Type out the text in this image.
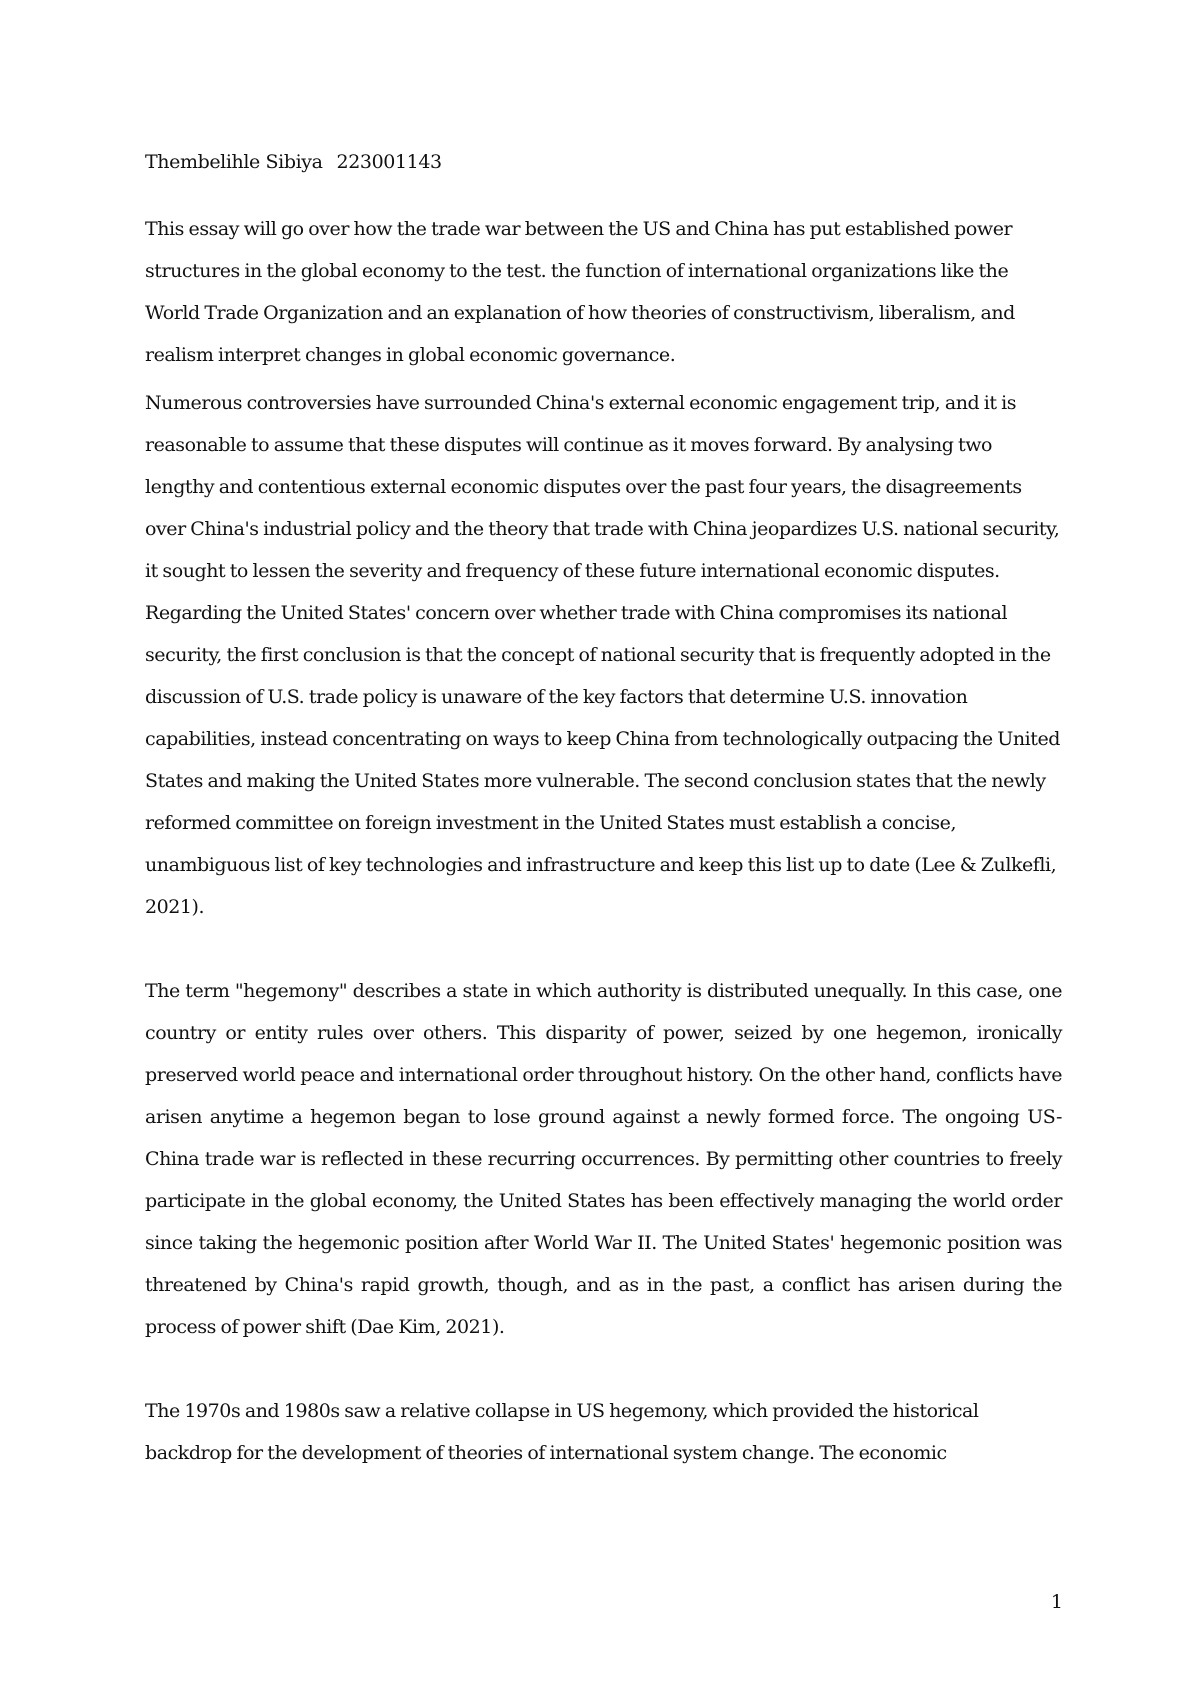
Thembelihle Sibiya 223001143

This essay will go over how the trade war between the US and China has put established power structures in the global economy to the test. the function of international organizations like the World Trade Organization and an explanation of how theories of constructivism, liberalism, and realism interpret changes in global economic governance.

Numerous controversies have surrounded China's external economic engagement trip, and it is reasonable to assume that these disputes will continue as it moves forward. By analysing two lengthy and contentious external economic disputes over the past four years, the disagreements over China's industrial policy and the theory that trade with China jeopardizes U.S. national security, it sought to lessen the severity and frequency of these future international economic disputes. Regarding the United States' concern over whether trade with China compromises its national security, the first conclusion is that the concept of national security that is frequently adopted in the discussion of U.S. trade policy is unaware of the key factors that determine U.S. innovation capabilities, instead concentrating on ways to keep China from technologically outpacing the United States and making the United States more vulnerable. The second conclusion states that the newly reformed committee on foreign investment in the United States must establish a concise, unambiguous list of key technologies and infrastructure and keep this list up to date (Lee & Zulkefli, 2021).

The term "hegemony" describes a state in which authority is distributed unequally. In this case, one country or entity rules over others. This disparity of power, seized by one hegemon, ironically preserved world peace and international order throughout history. On the other hand, conflicts have arisen anytime a hegemon began to lose ground against a newly formed force. The ongoing US-China trade war is reflected in these recurring occurrences. By permitting other countries to freely participate in the global economy, the United States has been effectively managing the world order since taking the hegemonic position after World War II. The United States' hegemonic position was threatened by China's rapid growth, though, and as in the past, a conflict has arisen during the process of power shift (Dae Kim, 2021).

The 1970s and 1980s saw a relative collapse in US hegemony, which provided the historical backdrop for the development of theories of international system change. The economic

1
